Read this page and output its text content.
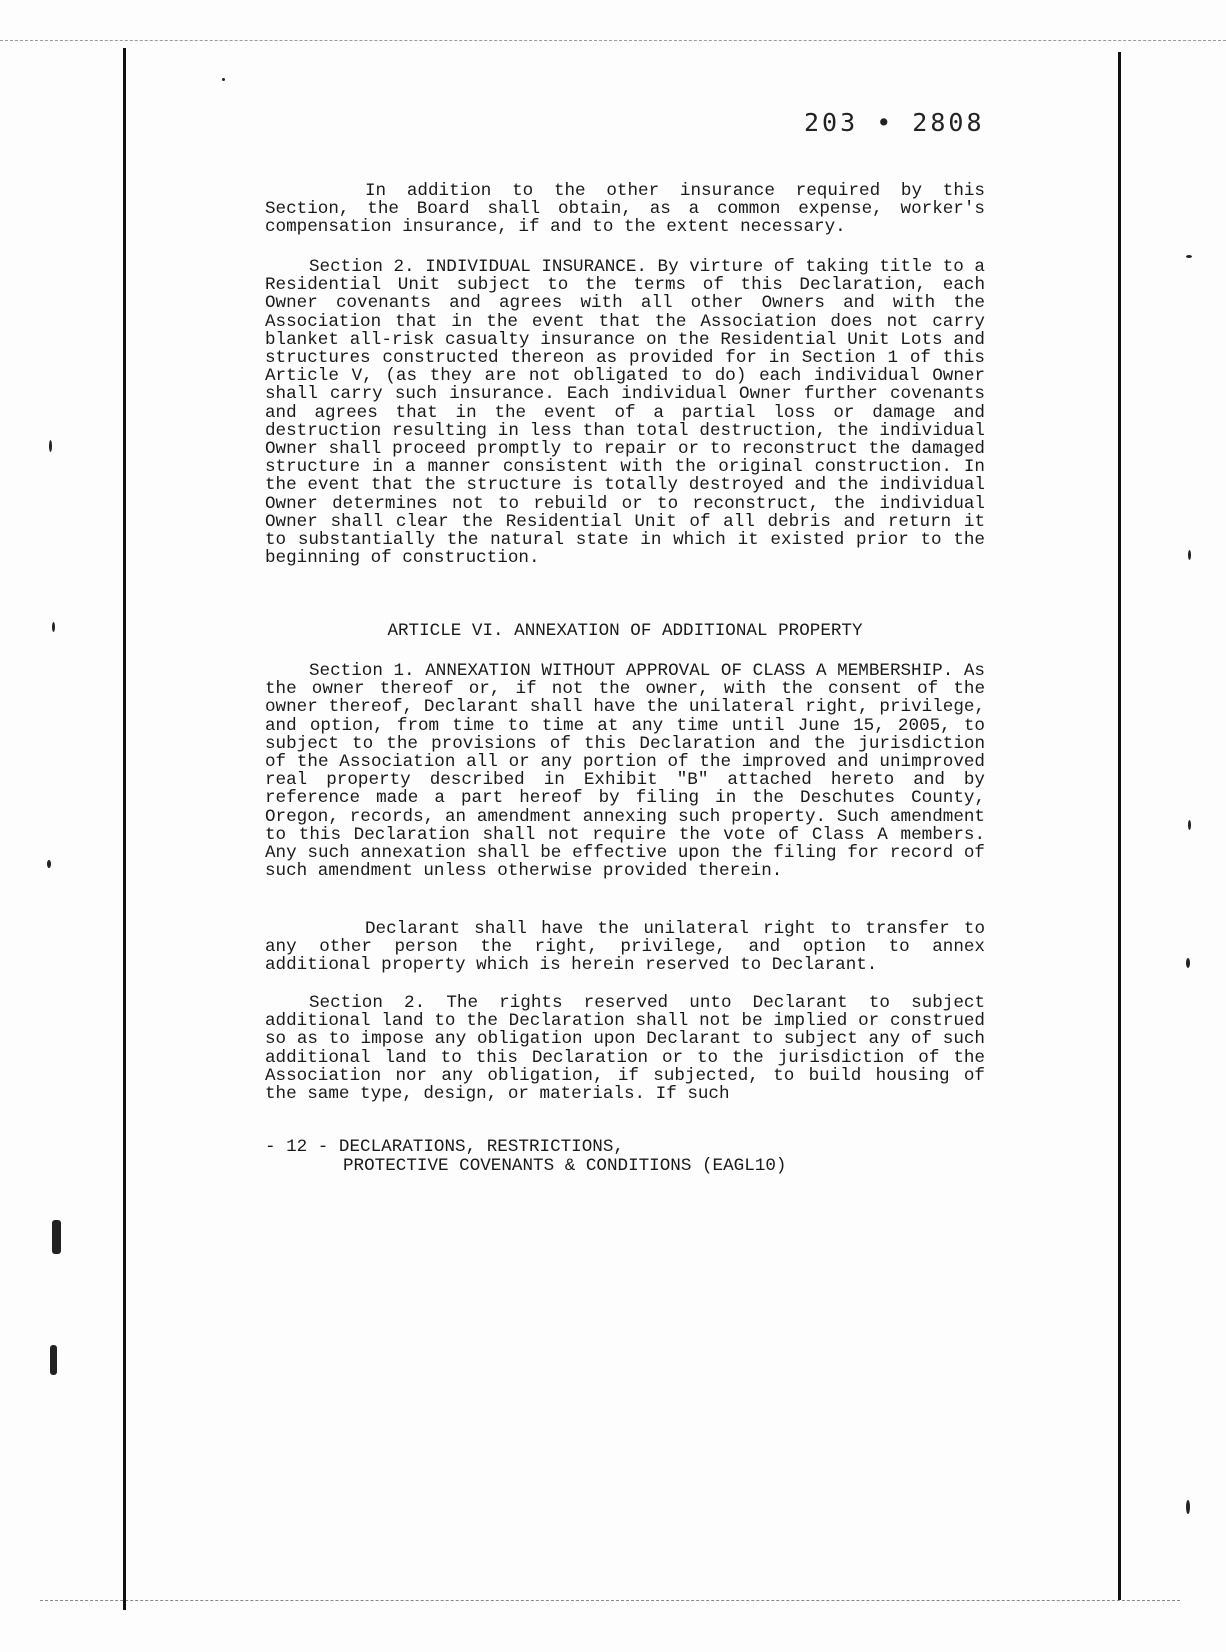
203 • 2808

In addition to the other insurance required by this Section, the Board shall obtain, as a common expense, worker's compensation insurance, if and to the extent necessary.

Section 2. INDIVIDUAL INSURANCE. By virture of taking title to a Residential Unit subject to the terms of this Declaration, each Owner covenants and agrees with all other Owners and with the Association that in the event that the Association does not carry blanket all-risk casualty insurance on the Residential Unit Lots and structures constructed thereon as provided for in Section 1 of this Article V, (as they are not obligated to do) each individual Owner shall carry such insurance. Each individual Owner further covenants and agrees that in the event of a partial loss or damage and destruction resulting in less than total destruction, the individual Owner shall proceed promptly to repair or to reconstruct the damaged structure in a manner consistent with the original construction. In the event that the structure is totally destroyed and the individual Owner determines not to rebuild or to reconstruct, the individual Owner shall clear the Residential Unit of all debris and return it to substantially the natural state in which it existed prior to the beginning of construction.

ARTICLE VI. ANNEXATION OF ADDITIONAL PROPERTY

Section 1. ANNEXATION WITHOUT APPROVAL OF CLASS A MEMBERSHIP. As the owner thereof or, if not the owner, with the consent of the owner thereof, Declarant shall have the unilateral right, privilege, and option, from time to time at any time until June 15, 2005, to subject to the provisions of this Declaration and the jurisdiction of the Association all or any portion of the improved and unimproved real property described in Exhibit "B" attached hereto and by reference made a part hereof by filing in the Deschutes County, Oregon, records, an amendment annexing such property. Such amendment to this Declaration shall not require the vote of Class A members. Any such annexation shall be effective upon the filing for record of such amendment unless otherwise provided therein.

Declarant shall have the unilateral right to transfer to any other person the right, privilege, and option to annex additional property which is herein reserved to Declarant.

Section 2. The rights reserved unto Declarant to subject additional land to the Declaration shall not be implied or construed so as to impose any obligation upon Declarant to subject any of such additional land to this Declaration or to the jurisdiction of the Association nor any obligation, if subjected, to build housing of the same type, design, or materials. If such

- 12 - DECLARATIONS, RESTRICTIONS,
PROTECTIVE COVENANTS & CONDITIONS (EAGL10)
